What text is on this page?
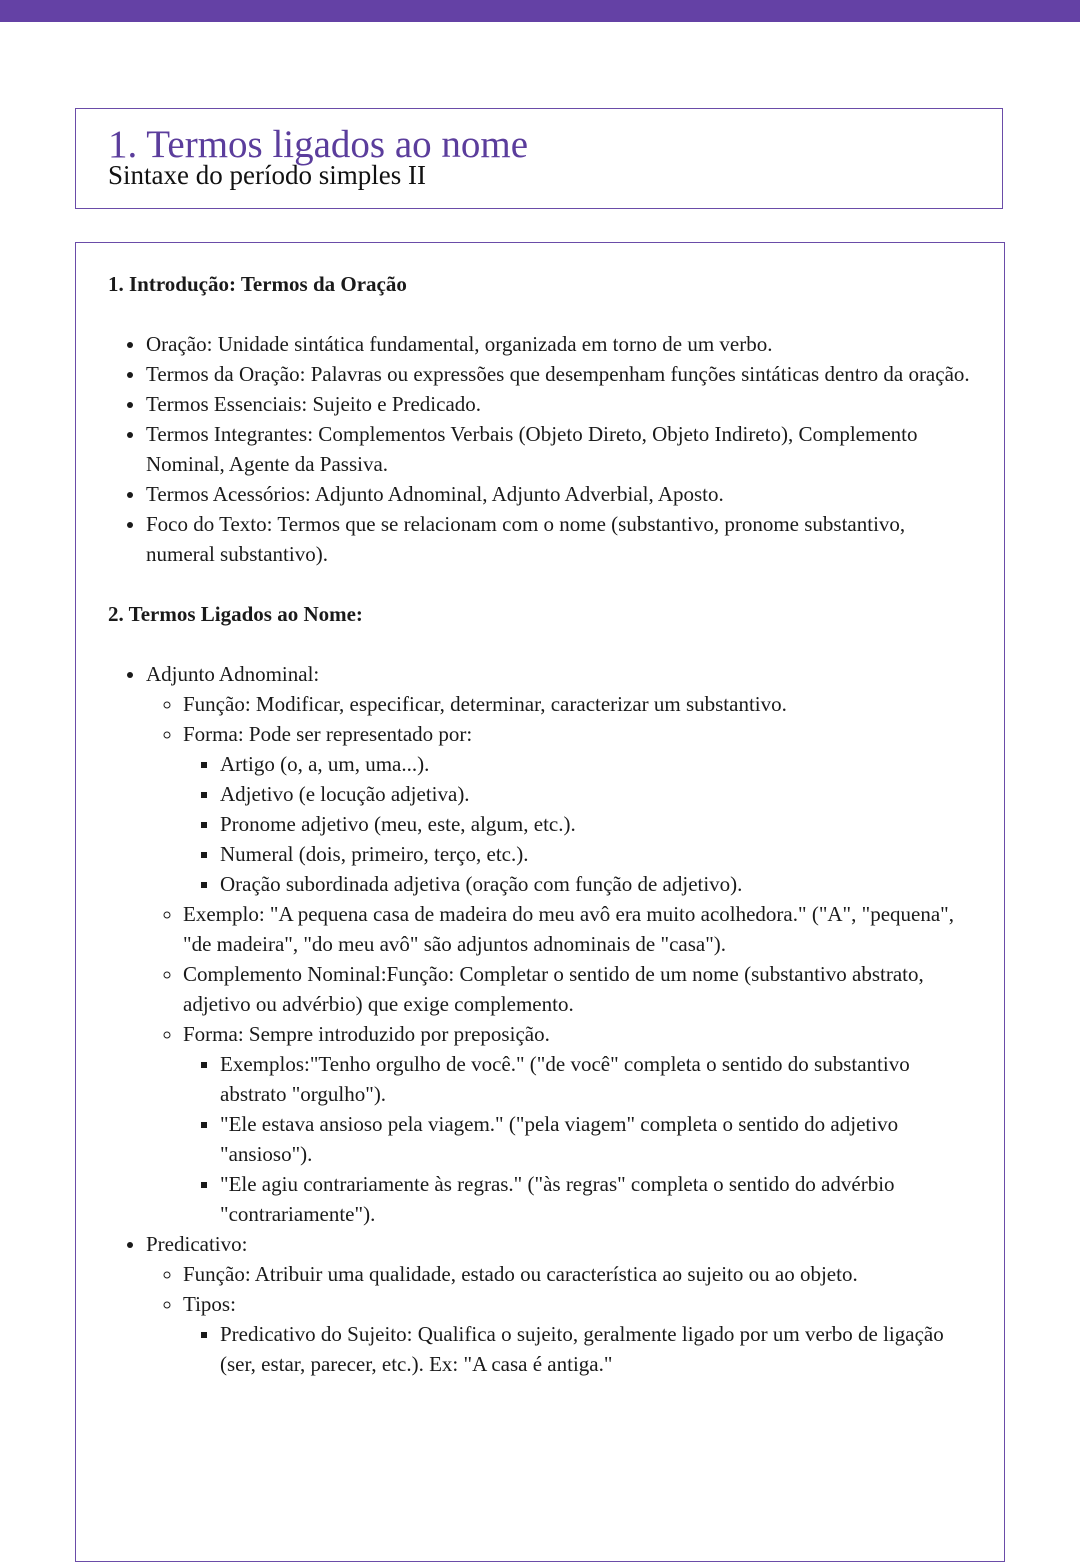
1. Termos ligados ao nome

Sintaxe do período simples II

1. Introdução: Termos da Oração
• Oração: Unidade sintática fundamental, organizada em torno de um verbo.
• Termos da Oração: Palavras ou expressões que desempenham funções sintáticas dentro da oração.
• Termos Essenciais: Sujeito e Predicado.
• Termos Integrantes: Complementos Verbais (Objeto Direto, Objeto Indireto), Complemento Nominal, Agente da Passiva.
• Termos Acessórios: Adjunto Adnominal, Adjunto Adverbial, Aposto.
• Foco do Texto: Termos que se relacionam com o nome (substantivo, pronome substantivo, numeral substantivo).
2. Termos Ligados ao Nome:
• Adjunto Adnominal:
◦ Função: Modificar, especificar, determinar, caracterizar um substantivo.
◦ Forma: Pode ser representado por:
▪ Artigo (o, a, um, uma...).
▪ Adjetivo (e locução adjetiva).
▪ Pronome adjetivo (meu, este, algum, etc.).
▪ Numeral (dois, primeiro, terço, etc.).
▪ Oração subordinada adjetiva (oração com função de adjetivo).
◦ Exemplo: "A pequena casa de madeira do meu avô era muito acolhedora." ("A", "pequena", "de madeira", "do meu avô" são adjuntos adnominais de "casa").
◦ Complemento Nominal:Função: Completar o sentido de um nome (substantivo abstrato, adjetivo ou advérbio) que exige complemento.
◦ Forma: Sempre introduzido por preposição.
▪ Exemplos:"Tenho orgulho de você." ("de você" completa o sentido do substantivo abstrato "orgulho").
▪ "Ele estava ansioso pela viagem." ("pela viagem" completa o sentido do adjetivo "ansioso").
▪ "Ele agiu contrariamente às regras." ("às regras" completa o sentido do advérbio "contrariamente").
• Predicativo:
◦ Função: Atribuir uma qualidade, estado ou característica ao sujeito ou ao objeto.
◦ Tipos:
▪ Predicativo do Sujeito: Qualifica o sujeito, geralmente ligado por um verbo de ligação (ser, estar, parecer, etc.). Ex: "A casa é antiga."
